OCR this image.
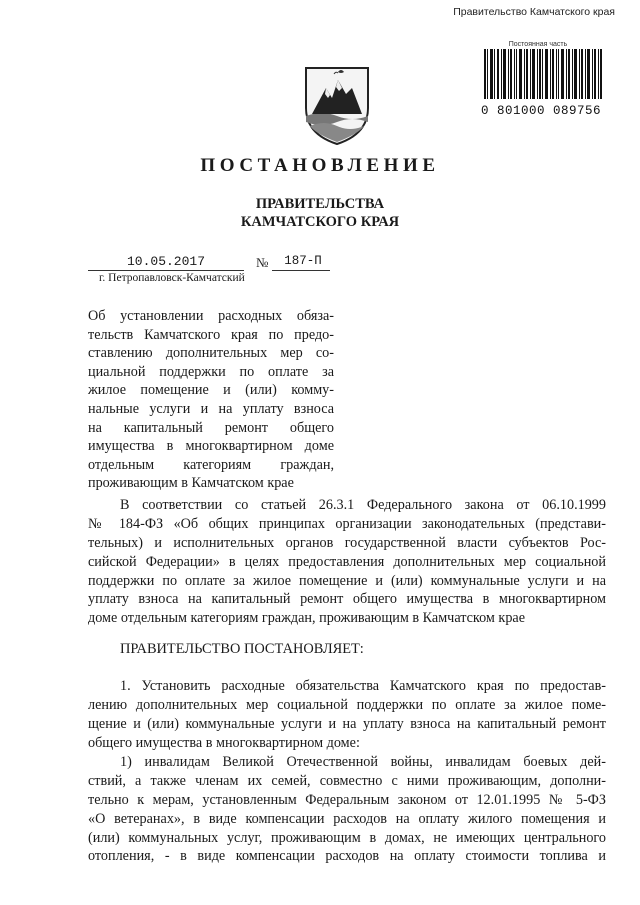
Правительство Камчатского края
Постоянная часть
0 801000 089756
ПОСТАНОВЛЕНИЕ
ПРАВИТЕЛЬСТВА
КАМЧАТСКОГО КРАЯ
10.05.2017	№	187-П
г. Петропавловск-Камчатский
Об установлении расходных обяза-
тельств Камчатского края по предо-
ставлению дополнительных мер со-
циальной поддержки по оплате за
жилое помещение и (или) комму-
нальные услуги и на уплату взноса
на капитальный ремонт общего
имущества в многоквартирном доме
отдельным категориям граждан,
проживающим в Камчатском крае
В соответствии со статьей 26.3.1 Федерального закона от 06.10.1999
№ 184-ФЗ «Об общих принципах организации законодательных (представи-
тельных) и исполнительных органов государственной власти субъектов Рос-
сийской Федерации» в целях предоставления дополнительных мер социальной
поддержки по оплате за жилое помещение и (или) коммунальные услуги и на
уплату взноса на капитальный ремонт общего имущества в многоквартирном
доме отдельным категориям граждан, проживающим в Камчатском крае
ПРАВИТЕЛЬСТВО ПОСТАНОВЛЯЕТ:
1. Установить расходные обязательства Камчатского края по предостав-
лению дополнительных мер социальной поддержки по оплате за жилое поме-
щение и (или) коммунальные услуги и на уплату взноса на капитальный ремонт
общего имущества в многоквартирном доме:
1) инвалидам Великой Отечественной войны, инвалидам боевых дей-
ствий, а также членам их семей, совместно с ними проживающим, дополни-
тельно к мерам, установленным Федеральным законом от 12.01.1995 № 5-ФЗ
«О ветеранах», в виде компенсации расходов на оплату жилого помещения и
(или) коммунальных услуг, проживающим в домах, не имеющих центрального
отопления, - в виде компенсации расходов на оплату стоимости топлива и
